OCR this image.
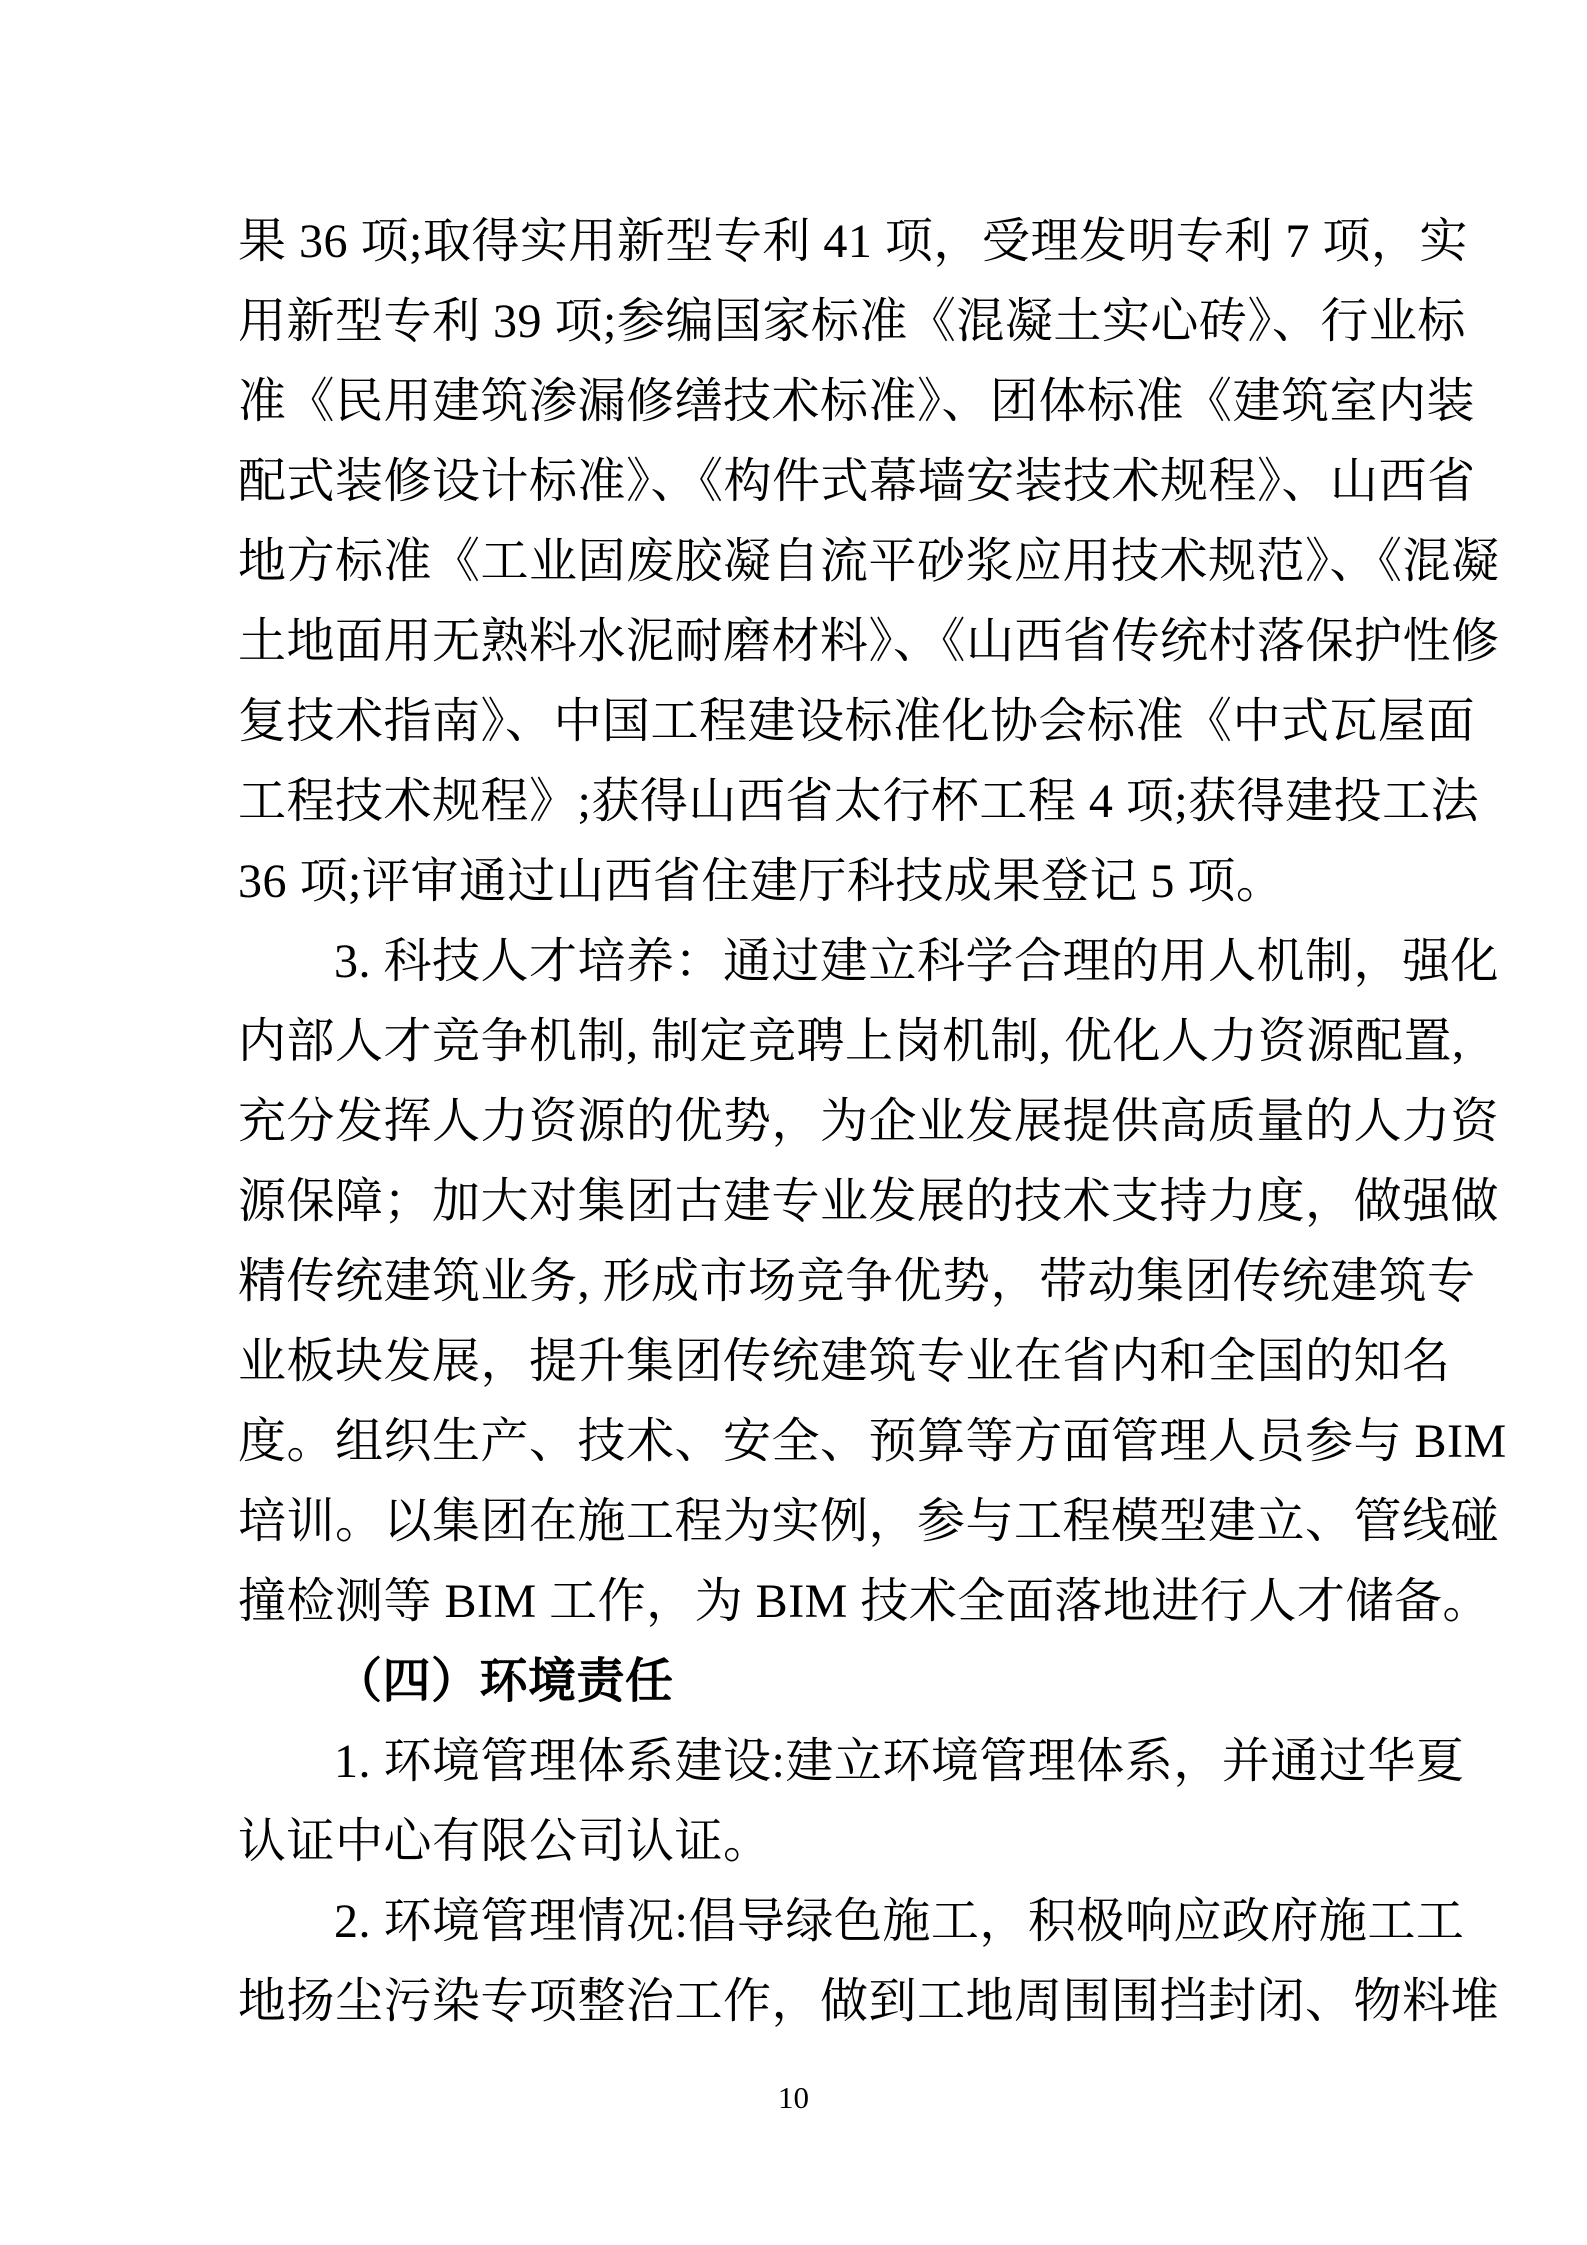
果 36 项;取得实用新型专利 41 项，受理发明专利 7 项，实
用新型专利 39 项;参编国家标准《混凝土实心砖》、行业标
准《民用建筑渗漏修缮技术标准》、团体标准《建筑室内装
配式装修设计标准》、《构件式幕墙安装技术规程》、山西省
地方标准《工业固废胶凝自流平砂浆应用技术规范》、《混凝
土地面用无熟料水泥耐磨材料》、《山西省传统村落保护性修
复技术指南》、中国工程建设标准化协会标准《中式瓦屋面
工程技术规程》;获得山西省太行杯工程 4 项;获得建投工法
36 项;评审通过山西省住建厅科技成果登记 5 项。
3. 科技人才培养：通过建立科学合理的用人机制，强化
内部人才竞争机制, 制定竞聘上岗机制, 优化人力资源配置,
充分发挥人力资源的优势，为企业发展提供高质量的人力资
源保障；加大对集团古建专业发展的技术支持力度，做强做
精传统建筑业务, 形成市场竞争优势，带动集团传统建筑专
业板块发展，提升集团传统建筑专业在省内和全国的知名
度。组织生产、技术、安全、预算等方面管理人员参与 BIM
培训。以集团在施工程为实例，参与工程模型建立、管线碰
撞检测等 BIM 工作，为 BIM 技术全面落地进行人才储备。
（四）环境责任
1. 环境管理体系建设:建立环境管理体系，并通过华夏
认证中心有限公司认证。
2. 环境管理情况:倡导绿色施工，积极响应政府施工工
地扬尘污染专项整治工作，做到工地周围围挡封闭、物料堆
10
